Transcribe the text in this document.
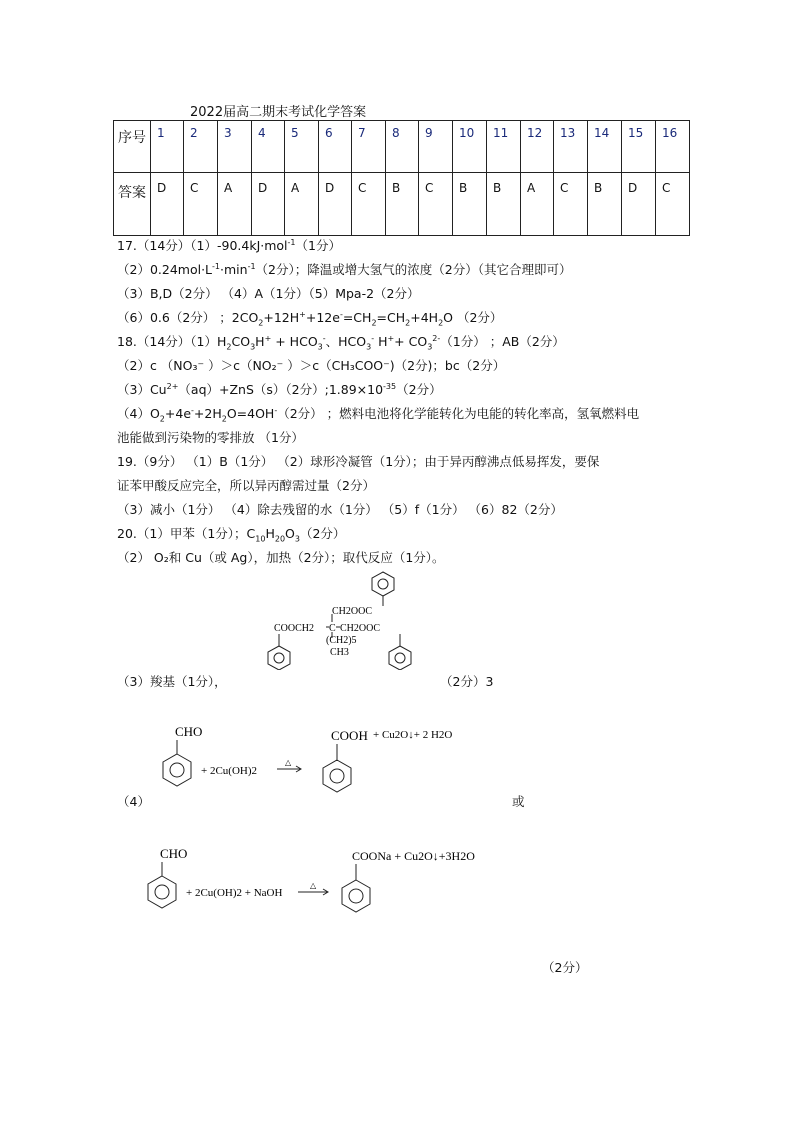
2022届高二期末考试化学答案
序号	1	2	3	4	5	6	7	8	9	10	11	12	13	14	15	16
答案	D	C	A	D	A	D	C	B	C	B	B	A	C	B	D	C
17.（14分）（1）-90.4kJ·mol$^{-1}$（1分）
$(2)0.24mol\cdot L^{-1}\cdot\min^{-1}(2$分）；降温或增大氢气的浓度（2分）（其它合理即可）
（3）B,D（2分） （4）A（1分）（5）Mpa-2（2分）
（6）0.6（2分） ；$2CO_2+12H^++12e^-=CH_2=CH_2+4H_2O$ （2分）
18.（14分）$(1)H_2CO_3H^+ + HCO_3^-$、$HCO_3^-$ $H^++ CO_3^{2-}(1$分） ；AB（2分）
（2）c （NO₃⁻ ）＞c（NO₂⁻ ）＞c（CH₃COO⁻)（2分)；bc（2分）
$(3)Cu^{2+}(aq)+ZnS(s)(2$分）$;1.89\times 10^{-35}(2$分）
$(4)O_2+4e^-+2H_2O=4OH^-(2$分） ；燃料电池将化学能转化为电能的转化率高，氢氧燃料电
池能做到污染物的零排放 （1分）
19.（9分） （1）B（1分） （2）球形冷凝管（1分）；由于异丙醇沸点低易挥发，要保
证苯甲酸反应完全，所以异丙醇需过量（2分）
（3）减小（1分） （4）除去残留的水（1分） （5）f（1分） （6）82（2分）
20.（1）甲苯（1分）；$C_{10}H_{20}O_3(2$分）
（2） O₂和 Cu（或 Ag），加热（2分）；取代反应（1分）。
CH2OOC
COOCH2 C CH2OOC
(CH2)5
CH3
（3）羧基（1分），	（2分）3
CHO
+ 2Cu(OH)2
△
COOH + Cu2O↓+ 2 H2O
（4）	或
CHO
+ 2Cu(OH)2 + NaOH
△
COONa + Cu2O↓+3H2O
（2分）
